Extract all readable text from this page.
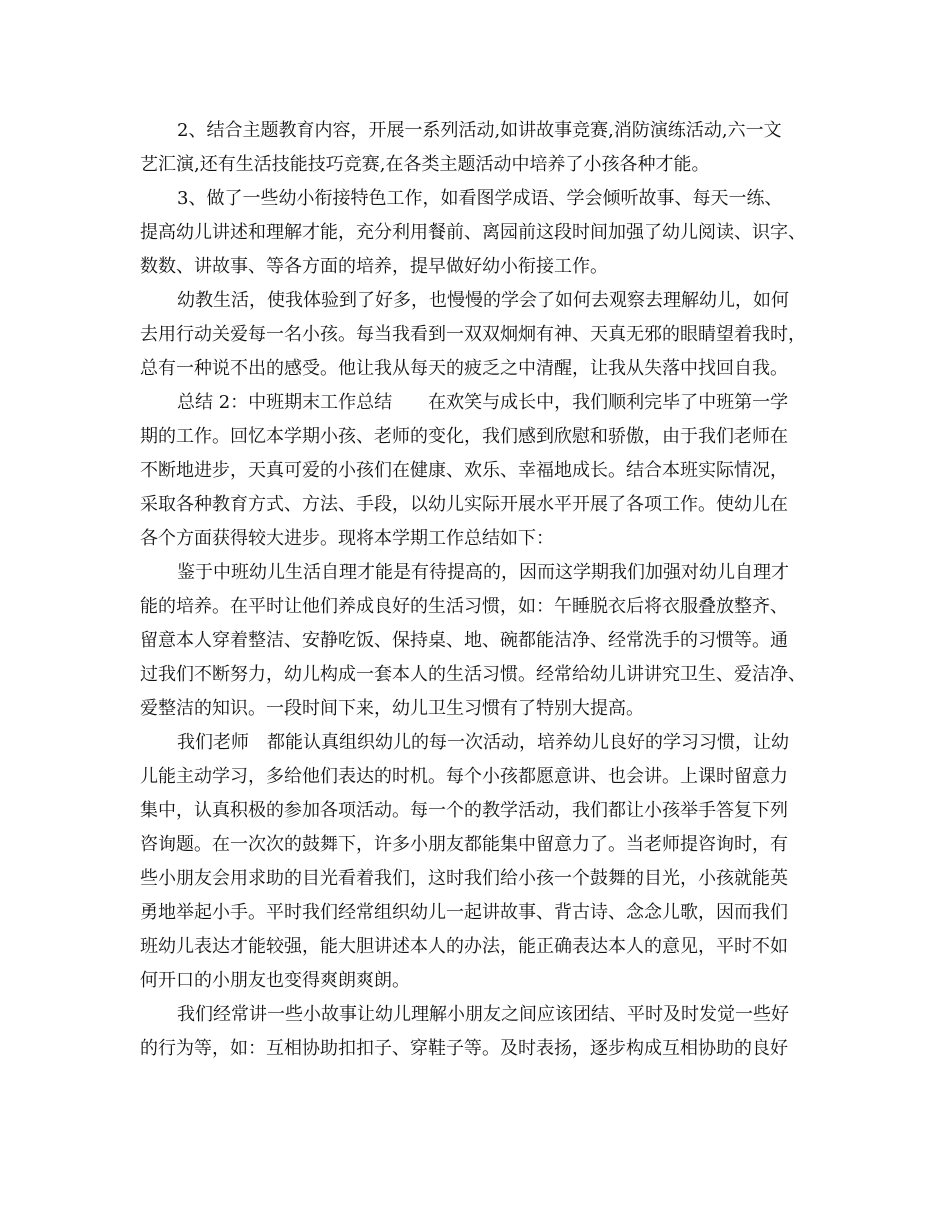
2、结合主题教育内容，开展一系列活动,如讲故事竞赛,消防演练活动,六一文
艺汇演,还有生活技能技巧竞赛,在各类主题活动中培养了小孩各种才能。
3、做了一些幼小衔接特色工作，如看图学成语、学会倾听故事、每天一练、
提高幼儿讲述和理解才能，充分利用餐前、离园前这段时间加强了幼儿阅读、识字、
数数、讲故事、等各方面的培养，提早做好幼小衔接工作。
幼教生活，使我体验到了好多，也慢慢的学会了如何去观察去理解幼儿，如何
去用行动关爱每一名小孩。每当我看到一双双炯炯有神、天真无邪的眼睛望着我时，
总有一种说不出的感受。他让我从每天的疲乏之中清醒，让我从失落中找回自我。
总结 2：中班期末工作总结　　在欢笑与成长中，我们顺利完毕了中班第一学
期的工作。回忆本学期小孩、老师的变化，我们感到欣慰和骄傲，由于我们老师在
不断地进步，天真可爱的小孩们在健康、欢乐、幸福地成长。结合本班实际情况，
采取各种教育方式、方法、手段，以幼儿实际开展水平开展了各项工作。使幼儿在
各个方面获得较大进步。现将本学期工作总结如下：
鉴于中班幼儿生活自理才能是有待提高的，因而这学期我们加强对幼儿自理才
能的培养。在平时让他们养成良好的生活习惯，如：午睡脱衣后将衣服叠放整齐、
留意本人穿着整洁、安静吃饭、保持桌、地、碗都能洁净、经常洗手的习惯等。通
过我们不断努力，幼儿构成一套本人的生活习惯。经常给幼儿讲讲究卫生、爱洁净、
爱整洁的知识。一段时间下来，幼儿卫生习惯有了特别大提高。
我们老师　都能认真组织幼儿的每一次活动，培养幼儿良好的学习习惯，让幼
儿能主动学习，多给他们表达的时机。每个小孩都愿意讲、也会讲。上课时留意力
集中，认真积极的参加各项活动。每一个的教学活动，我们都让小孩举手答复下列
咨询题。在一次次的鼓舞下，许多小朋友都能集中留意力了。当老师提咨询时，有
些小朋友会用求助的目光看着我们，这时我们给小孩一个鼓舞的目光，小孩就能英
勇地举起小手。平时我们经常组织幼儿一起讲故事、背古诗、念念儿歌，因而我们
班幼儿表达才能较强，能大胆讲述本人的办法，能正确表达本人的意见，平时不如
何开口的小朋友也变得爽朗爽朗。
我们经常讲一些小故事让幼儿理解小朋友之间应该团结、平时及时发觉一些好
的行为等，如：互相协助扣扣子、穿鞋子等。及时表扬，逐步构成互相协助的良好
